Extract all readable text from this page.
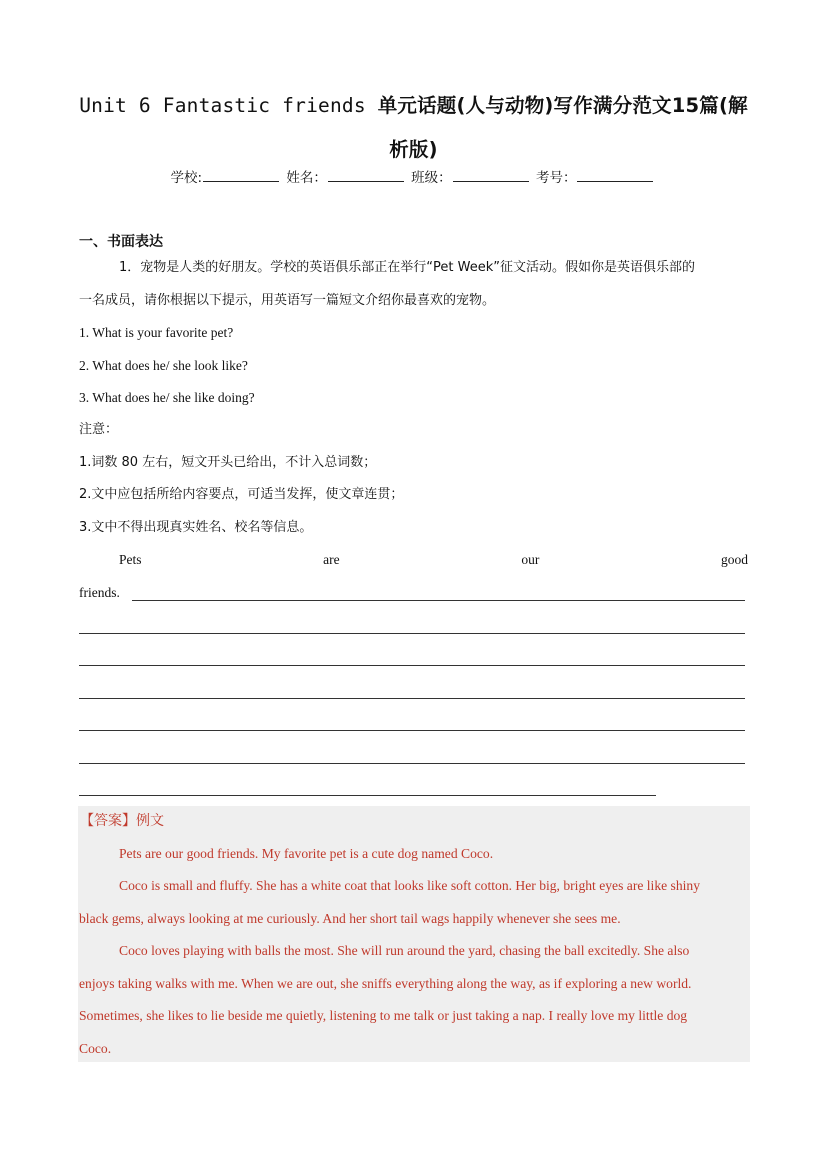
Unit 6 Fantastic friends 单元话题(人与动物)写作满分范文15篇(解
析版)
学校:	姓名：	班级：	考号：
一、书面表达
1．宠物是人类的好朋友。学校的英语俱乐部正在举行“Pet Week”征文活动。假如你是英语俱乐部的
一名成员，请你根据以下提示，用英语写一篇短文介绍你最喜欢的宠物。
1. What is your favorite pet?
2. What does he/ she look like?
3. What does he/ she like doing?
注意：
1.词数 80 左右，短文开头已给出，不计入总词数；
2.文中应包括所给内容要点，可适当发挥，使文章连贯；
3.文中不得出现真实姓名、校名等信息。
Pets	are	our	good
friends.
【答案】例文
Pets are our good friends. My favorite pet is a cute dog named Coco.
Coco is small and fluffy. She has a white coat that looks like soft cotton. Her big, bright eyes are like shiny
black gems, always looking at me curiously. And her short tail wags happily whenever she sees me.
Coco loves playing with balls the most. She will run around the yard, chasing the ball excitedly. She also
enjoys taking walks with me. When we are out, she sniffs everything along the way, as if exploring a new world.
Sometimes, she likes to lie beside me quietly, listening to me talk or just taking a nap. I really love my little dog
Coco.
